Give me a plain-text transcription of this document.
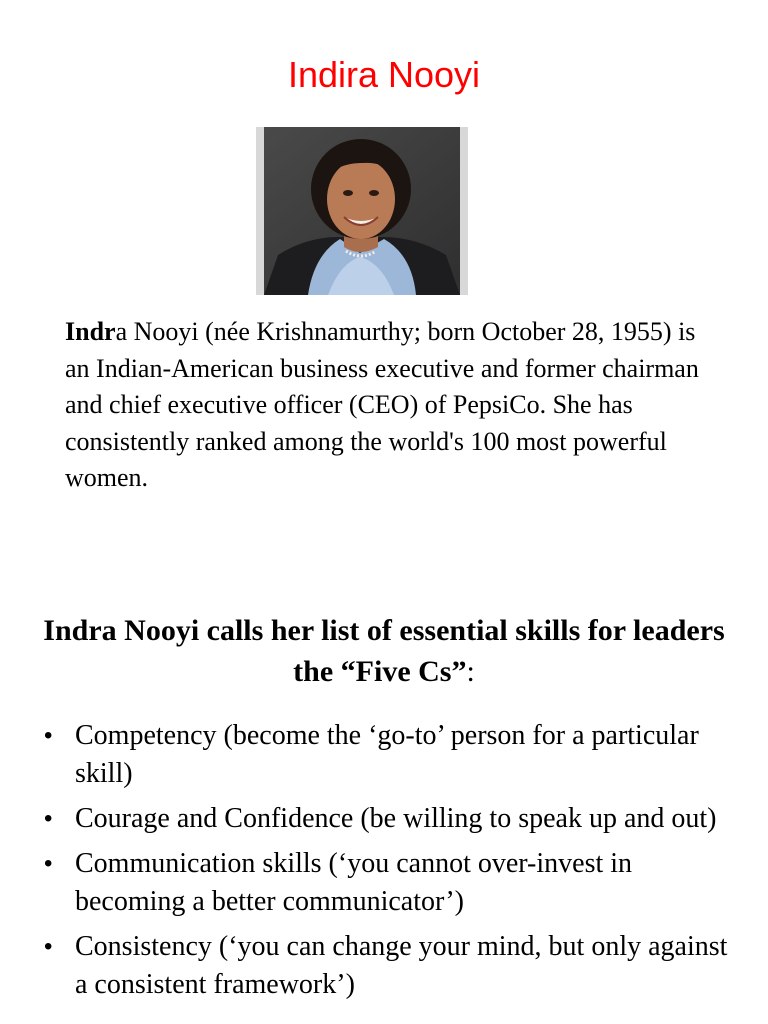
Indira Nooyi

Indra Nooyi (née Krishnamurthy; born October 28, 1955) is an Indian-American business executive and former chairman and chief executive officer (CEO) of PepsiCo. She has consistently ranked among the world's 100 most powerful women.

Indra Nooyi calls her list of essential skills for leaders the “Five Cs”:

• Competency (become the ‘go-to’ person for a particular skill)
• Courage and Confidence (be willing to speak up and out)
• Communication skills (‘you cannot over-invest in becoming a better communicator’)
• Consistency (‘you can change your mind, but only against a consistent framework’)
